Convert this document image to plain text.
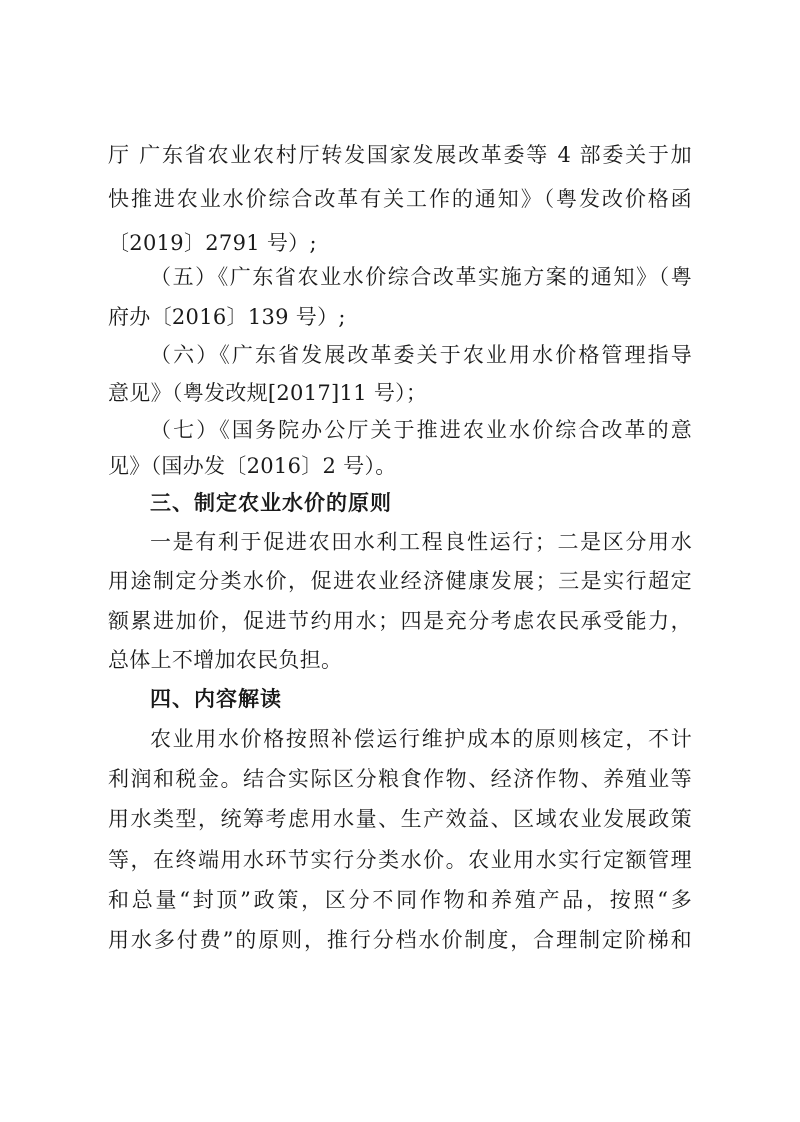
厅 广东省农业农村厅转发国家发展改革委等 4 部委关于加
快推进农业水价综合改革有关工作的通知》（粤发改价格函
〔2019〕2791 号）;
（五）《广东省农业水价综合改革实施方案的通知》（粤
府办〔2016〕139 号）;
（六）《广东省发展改革委关于农业用水价格管理指导
意见》（粤发改规[2017]11 号）；
（七）《国务院办公厅关于推进农业水价综合改革的意
见》（国办发〔2016〕2 号）。
三、制定农业水价的原则
一是有利于促进农田水利工程良性运行；二是区分用水
用途制定分类水价，促进农业经济健康发展；三是实行超定
额累进加价，促进节约用水；四是充分考虑农民承受能力，
总体上不增加农民负担。
四、内容解读
农业用水价格按照补偿运行维护成本的原则核定，不计
利润和税金。结合实际区分粮食作物、经济作物、养殖业等
用水类型，统筹考虑用水量、生产效益、区域农业发展政策
等，在终端用水环节实行分类水价。农业用水实行定额管理
和总量“封顶”政策，区分不同作物和养殖产品，按照“多
用水多付费”的原则，推行分档水价制度，合理制定阶梯和
